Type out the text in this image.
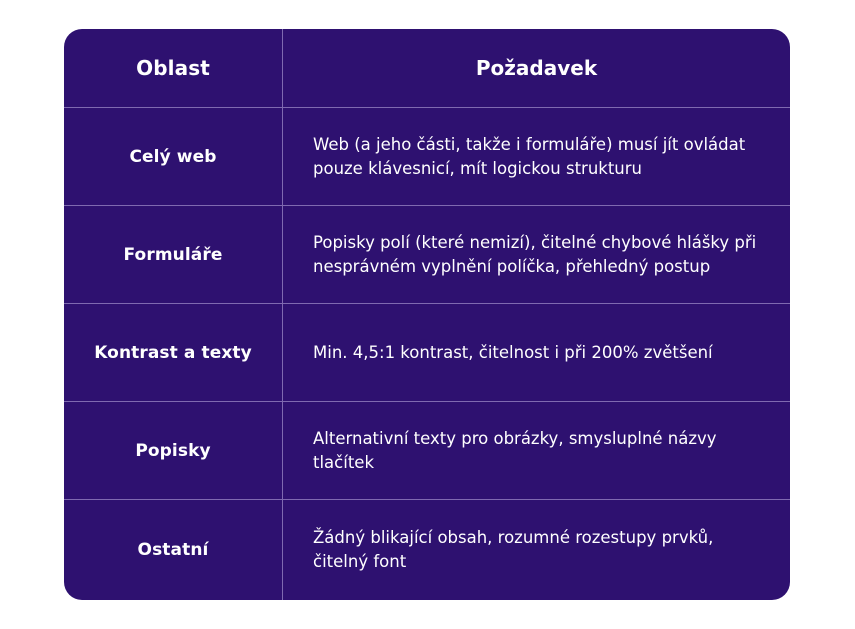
Oblast	Požadavek
Celý web
Web (a jeho části, takže i formuláře) musí jít ovládat pouze klávesnicí, mít logickou strukturu
Formuláře
Popisky polí (které nemizí), čitelné chybové hlášky při nesprávném vyplnění políčka, přehledný postup
Kontrast a texty	Min. 4,5:1 kontrast, čitelnost i při 200% zvětšení
Popisky
Alternativní texty pro obrázky, smysluplné názvy tlačítek
Ostatní
Žádný blikající obsah, rozumné rozestupy prvků, čitelný font
